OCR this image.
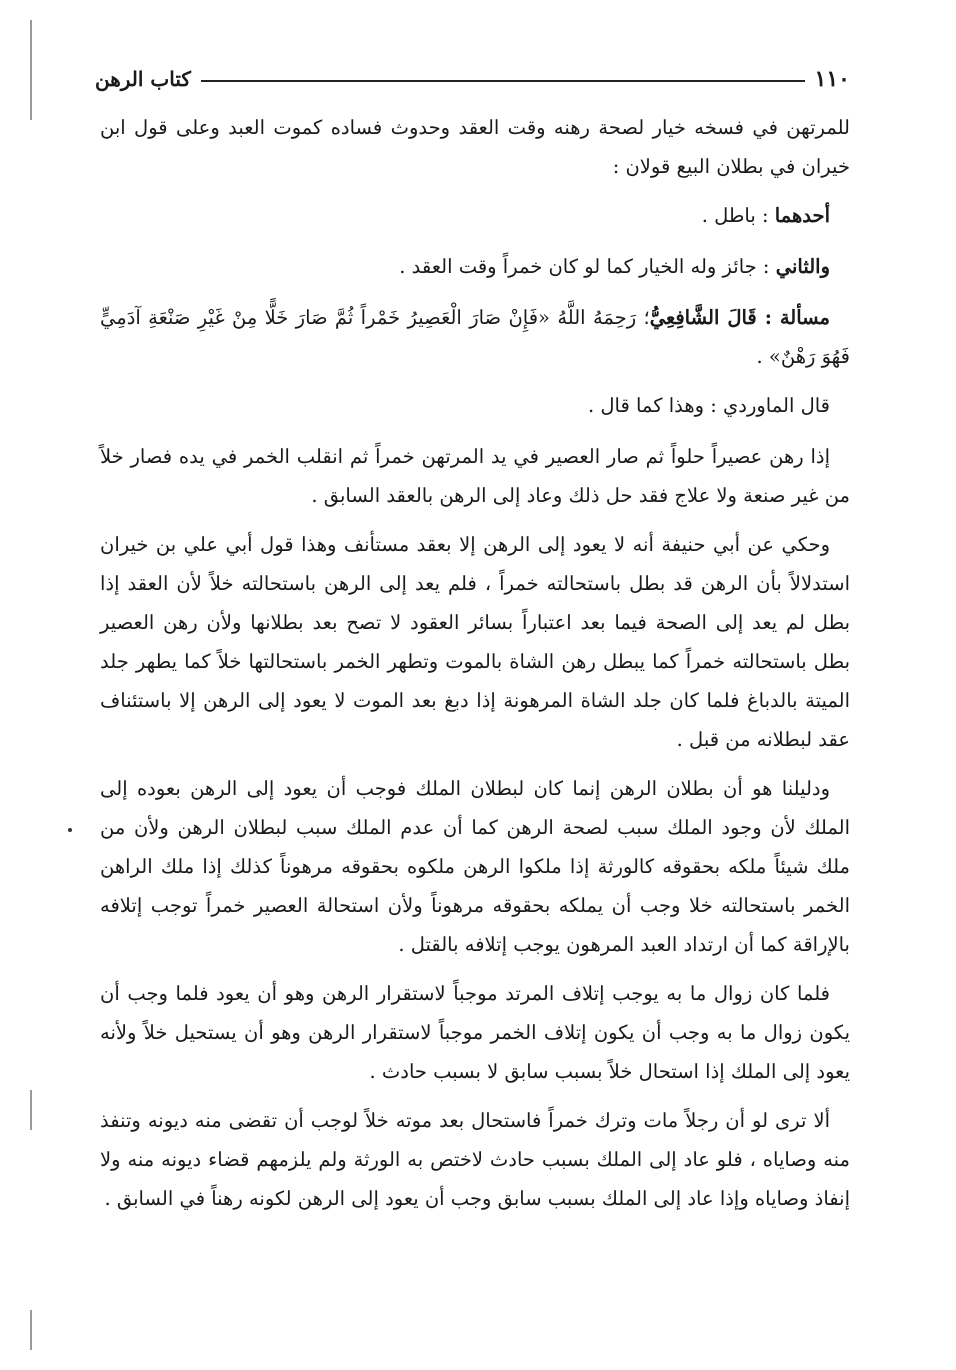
١١٠
كتاب الرهن

للمرتهن في فسخه خيار لصحة رهنه وقت العقد وحدوث فساده كموت العبد وعلى قول ابن خيران في بطلان البيع قولان :

أحدهما : باطل .

والثاني : جائز وله الخيار كما لو كان خمراً وقت العقد .

مسألة : قَالَ الشَّافِعِيُّ؛ رَحِمَهُ اللَّهُ «فَإِنْ صَارَ الْعَصِيرُ خَمْراً ثُمَّ صَارَ خَلًّا مِنْ غَيْرِ صَنْعَةِ آدَمِيٍّ فَهُوَ رَهْنٌ» .

قال الماوردي : وهذا كما قال .

إذا رهن عصيراً حلواً ثم صار العصير في يد المرتهن خمراً ثم انقلب الخمر في يده فصار خلاً من غير صنعة ولا علاج فقد حل ذلك وعاد إلى الرهن بالعقد السابق .

وحكي عن أبي حنيفة أنه لا يعود إلى الرهن إلا بعقد مستأنف وهذا قول أبي علي بن خيران استدلالاً بأن الرهن قد بطل باستحالته خمراً ، فلم يعد إلى الرهن باستحالته خلاً لأن العقد إذا بطل لم يعد إلى الصحة فيما بعد اعتباراً بسائر العقود لا تصح بعد بطلانها ولأن رهن العصير بطل باستحالته خمراً كما يبطل رهن الشاة بالموت وتطهر الخمر باستحالتها خلاً كما يطهر جلد الميتة بالدباغ فلما كان جلد الشاة المرهونة إذا دبغ بعد الموت لا يعود إلى الرهن إلا باستئناف عقد لبطلانه من قبل .

ودليلنا هو أن بطلان الرهن إنما كان لبطلان الملك فوجب أن يعود إلى الرهن بعوده إلى الملك لأن وجود الملك سبب لصحة الرهن كما أن عدم الملك سبب لبطلان الرهن ولأن من ملك شيئاً ملكه بحقوقه كالورثة إذا ملكوا الرهن ملكوه بحقوقه مرهوناً كذلك إذا ملك الراهن الخمر باستحالته خلا وجب أن يملكه بحقوقه مرهوناً ولأن استحالة العصير خمراً توجب إتلافه بالإراقة كما أن ارتداد العبد المرهون يوجب إتلافه بالقتل .

فلما كان زوال ما به يوجب إتلاف المرتد موجباً لاستقرار الرهن وهو أن يعود فلما وجب أن يكون زوال ما به وجب أن يكون إتلاف الخمر موجباً لاستقرار الرهن وهو أن يستحيل خلاً ولأنه يعود إلى الملك إذا استحال خلاً بسبب سابق لا بسبب حادث .

ألا ترى لو أن رجلاً مات وترك خمراً فاستحال بعد موته خلاً لوجب أن تقضى منه ديونه وتنفذ منه وصاياه ، فلو عاد إلى الملك بسبب حادث لاختص به الورثة ولم يلزمهم قضاء ديونه منه ولا إنفاذ وصاياه وإذا عاد إلى الملك بسبب سابق وجب أن يعود إلى الرهن لكونه رهناً في السابق .
